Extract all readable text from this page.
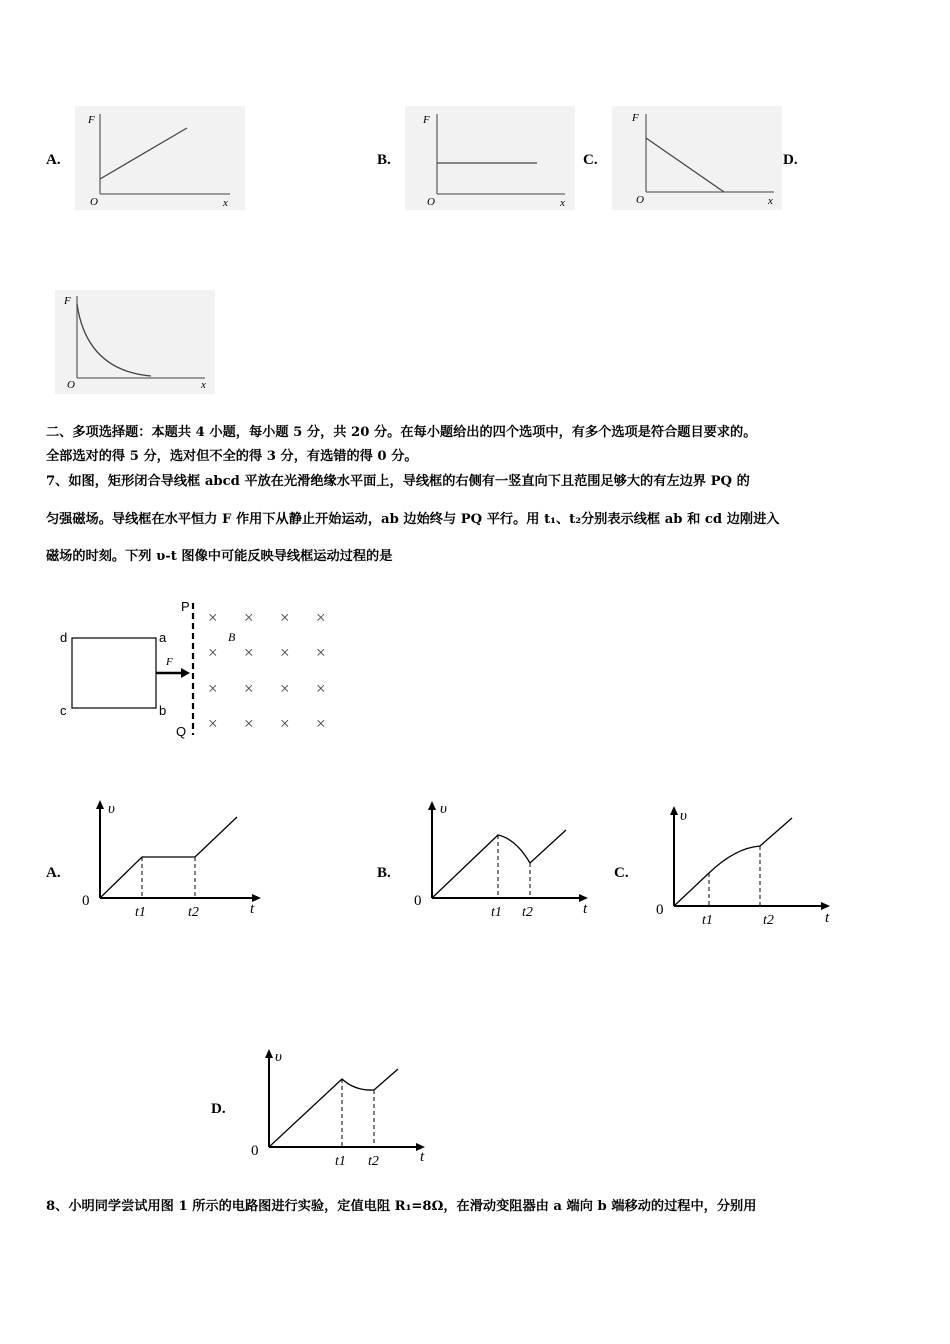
A.
F
O	x
B.
F
O	x
C.
F
O	x
D.
F
O	x
二、多项选择题：本题共 4 小题，每小题 5 分，共 20 分。在每小题给出的四个选项中，有多个选项是符合题目要求的。
全部选对的得 5 分，选对但不全的得 3 分，有选错的得 0 分。
7、如图，矩形闭合导线框 abcd 平放在光滑绝缘水平面上，导线框的右侧有一竖直向下且范围足够大的有左边界 PQ 的
匀强磁场。导线框在水平恒力 F 作用下从静止开始运动，ab 边始终与 PQ 平行。用 t₁、t₂分别表示线框 ab 和 cd 边刚进入
磁场的时刻。下列 υ-t 图像中可能反映导线框运动过程的是
d	a
c	b
F
P
Q
B
× × × ×
× × × ×
× × × ×
× × × ×
A.
υ
0	t
t1	t2
B.
υ
0	t
t1 t2
C.
υ
0	t
t1	t2
D.
υ
0	t
t1 t2
8、小明同学尝试用图 1 所示的电路图进行实验，定值电阻 R₁=8Ω，在滑动变阻器由 a 端向 b 端移动的过程中，分别用
